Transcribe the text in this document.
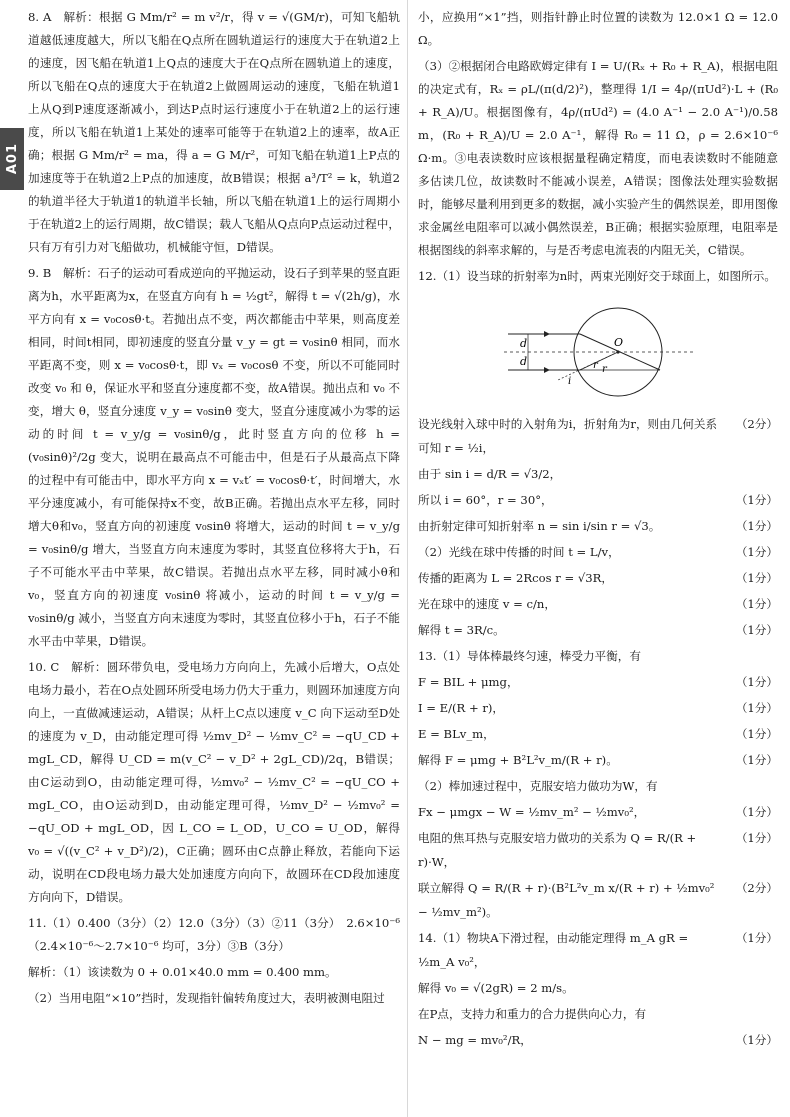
A01

8. A　解析：根据 G Mm/r² = m v²/r，得 v = √(GM/r)，可知飞船轨道越低速度越大，所以飞船在Q点所在圆轨道运行的速度大于在轨道2上的速度，因飞船在轨道1上Q点的速度大于在Q点所在圆轨道上的速度，所以飞船在Q点的速度大于在轨道2上做圆周运动的速度，飞船在轨道1上从Q到P速度逐渐减小，到达P点时运行速度小于在轨道2上的运行速度，所以飞船在轨道1上某处的速率可能等于在轨道2上的速率，故A正确；根据 G Mm/r² = ma，得 a = G M/r²，可知飞船在轨道1上P点的加速度等于在轨道2上P点的加速度，故B错误；根据 a³/T² = k，轨道2的轨道半径大于轨道1的轨道半长轴，所以飞船在轨道1上的运行周期小于在轨道2上的运行周期，故C错误；载人飞船从Q点向P点运动过程中，只有万有引力对飞船做功，机械能守恒，D错误。

9. B　解析：石子的运动可看成逆向的平抛运动，设石子到苹果的竖直距离为h，水平距离为x，在竖直方向有 h = ½gt²，解得 t = √(2h/g)，水平方向有 x = v₀cosθ·t。若抛出点不变，两次都能击中苹果，则高度差相同，时间t相同，即初速度的竖直分量 v_y = gt = v₀sinθ 相同，而水平距离不变，则 x = v₀cosθ·t，即 vₓ = v₀cosθ 不变，所以不可能同时改变 v₀ 和 θ，保证水平和竖直分速度都不变，故A错误。抛出点和 v₀ 不变，增大 θ，竖直分速度 v_y = v₀sinθ 变大，竖直分速度减小为零的运动的时间 t = v_y/g = v₀sinθ/g，此时竖直方向的位移 h = (v₀sinθ)²/2g 变大，说明在最高点不可能击中，但是石子从最高点下降的过程中有可能击中，即水平方向 x = vₓt′ = v₀cosθ·t′，时间增大，水平分速度减小，有可能保持x不变，故B正确。若抛出点水平左移，同时增大θ和v₀，竖直方向的初速度 v₀sinθ 将增大，运动的时间 t = v_y/g = v₀sinθ/g 增大，当竖直方向末速度为零时，其竖直位移将大于h，石子不可能水平击中苹果，故C错误。若抛出点水平左移，同时减小θ和v₀，竖直方向的初速度 v₀sinθ 将减小，运动的时间 t = v_y/g = v₀sinθ/g 减小，当竖直方向末速度为零时，其竖直位移小于h，石子不能水平击中苹果，D错误。

10. C　解析：圆环带负电，受电场力方向向上，先减小后增大，O点处电场力最小，若在O点处圆环所受电场力仍大于重力，则圆环加速度方向向上，一直做减速运动，A错误；从杆上C点以速度 v_C 向下运动至D处的速度为 v_D，由动能定理可得 ½mv_D² − ½mv_C² = −qU_CD + mgL_CD，解得 U_CD = m(v_C² − v_D² + 2gL_CD)/2q，B错误；由C运动到O，由动能定理可得，½mv₀² − ½mv_C² = −qU_CO + mgL_CO，由O运动到D，由动能定理可得，½mv_D² − ½mv₀² = −qU_OD + mgL_OD，因 L_CO = L_OD，U_CO = U_OD，解得 v₀ = √((v_C² + v_D²)/2)，C正确；圆环由C点静止释放，若能向下运动，说明在CD段电场力最大处加速度方向向下，故圆环在CD段加速度方向向下，D错误。

11.（1）0.400（3分）（2）12.0（3分）（3）②11（3分）　2.6×10⁻⁶（2.4×10⁻⁶～2.7×10⁻⁶ 均可，3分）③B（3分）

解析：（1）该读数为 0 + 0.01×40.0 mm = 0.400 mm。

（2）当用电阻“×10”挡时，发现指针偏转角度过大，表明被测电阻过

小，应换用“×1”挡，则指针静止时位置的读数为 12.0×1 Ω = 12.0 Ω。

（3）②根据闭合电路欧姆定律有 I = U/(Rₓ + R₀ + R_A)，根据电阻的决定式有，Rₓ = ρL/(π(d/2)²)，整理得 1/I = 4ρ/(πUd²)·L + (R₀ + R_A)/U。根据图像有，4ρ/(πUd²) = (4.0 A⁻¹ − 2.0 A⁻¹)/0.58 m，(R₀ + R_A)/U = 2.0 A⁻¹，解得 R₀ = 11 Ω，ρ = 2.6×10⁻⁶ Ω·m。③电表读数时应该根据量程确定精度，而电表读数时不能随意多估读几位，故读数时不能减小误差，A错误；图像法处理实验数据时，能够尽量利用到更多的数据，减小实验产生的偶然误差，即用图像求金属丝电阻率可以减小偶然误差，B正确；根据实验原理，电阻率是根据图线的斜率求解的，与是否考虑电流表的内阻无关，C错误。

12.（1）设当球的折射率为n时，两束光刚好交于球面上，如图所示。

d
d
O
i
r r
设光线射入球中时的入射角为i，折射角为r，则由几何关系可知 r = ½i，
（2分）
由于 sin i = d/R = √3/2，
所以 i = 60°，r = 30°，	（1分）
由折射定律可知折射率 n = sin i/sin r = √3。	（1分）
（2）光线在球中传播的时间 t = L/v，	（1分）
传播的距离为 L = 2Rcos r = √3R，	（1分）
光在球中的速度 v = c/n，	（1分）
解得 t = 3R/c。	（1分）
13.（1）导体棒最终匀速，棒受力平衡，有
F = BIL + μmg，	（1分）
I = E/(R + r)，	（1分）
E = BLv_m，	（1分）
解得 F = μmg + B²L²v_m/(R + r)。	（1分）
（2）棒加速过程中，克服安培力做功为W，有
Fx − μmgx − W = ½mv_m² − ½mv₀²，	（1分）
电阻的焦耳热与克服安培力做功的关系为 Q = R/(R + r)·W，
（1分）
联立解得 Q = R/(R + r)·(B²L²v_m x/(R + r) + ½mv₀² − ½mv_m²)。
（2分）
14.（1）物块A下滑过程，由动能定理得 m_A gR = ½m_A v₀²，
（1分）
解得 v₀ = √(2gR) = 2 m/s。
在P点，支持力和重力的合力提供向心力，有
N − mg = mv₀²/R，	（1分）
